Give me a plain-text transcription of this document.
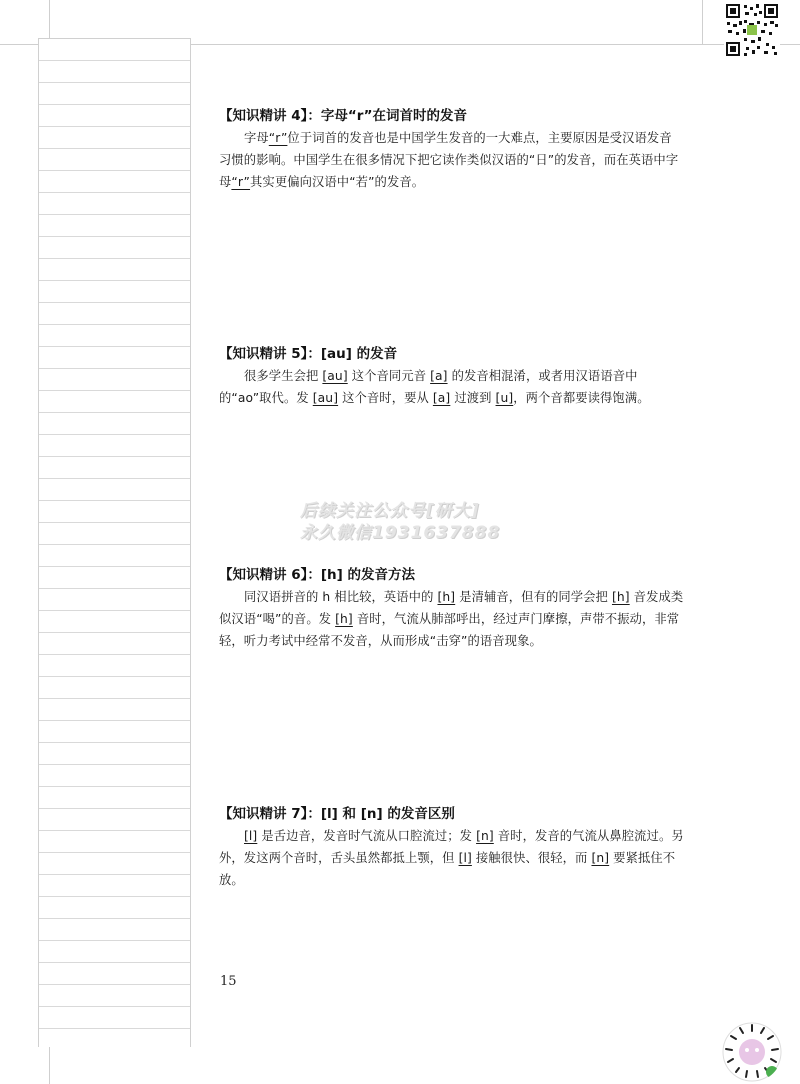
【知识精讲 4】：字母“r”在词首时的发音

字母“r”位于词首的发音也是中国学生发音的一大难点，主要原因是受汉语发音习惯的影响。中国学生在很多情况下把它读作类似汉语的“日”的发音，而在英语中字母“r”其实更偏向汉语中“若”的发音。

【知识精讲 5】：[au] 的发音

很多学生会把 [au] 这个音同元音 [a] 的发音相混淆，或者用汉语语音中的“ao”取代。发 [au] 这个音时，要从 [a] 过渡到 [u]，两个音都要读得饱满。

后续关注公众号[研大]
永久微信1931637888
【知识精讲 6】：[h] 的发音方法

同汉语拼音的 h 相比较，英语中的 [h] 是清辅音，但有的同学会把 [h] 音发成类似汉语“喝”的音。发 [h] 音时，气流从肺部呼出，经过声门摩擦，声带不振动，非常轻，听力考试中经常不发音，从而形成“击穿”的语音现象。

【知识精讲 7】：[l] 和 [n] 的发音区别

[l] 是舌边音，发音时气流从口腔流过；发 [n] 音时，发音的气流从鼻腔流过。另外，发这两个音时，舌头虽然都抵上颚，但 [l] 接触很快、很轻，而 [n] 要紧抵住不放。

15
